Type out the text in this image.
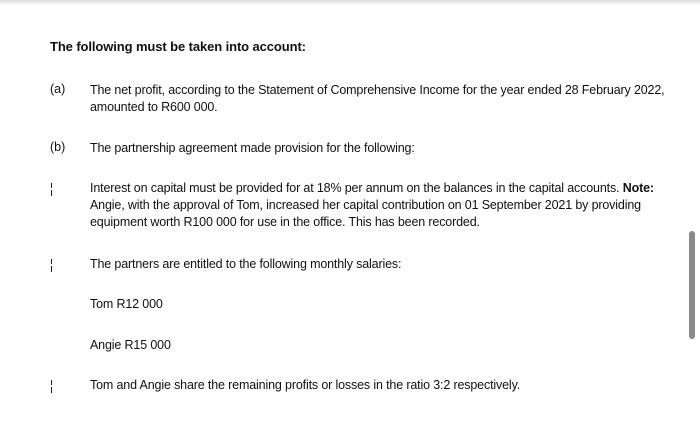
The following must be taken into account:
(a) The net profit, according to the Statement of Comprehensive Income for the year ended 28 February 2022, amounted to R600 000.
(b) The partnership agreement made provision for the following:
Interest on capital must be provided for at 18% per annum on the balances in the capital accounts. Note: Angie, with the approval of Tom, increased her capital contribution on 01 September 2021 by providing equipment worth R100 000 for use in the office. This has been recorded.
The partners are entitled to the following monthly salaries:
Tom R12 000
Angie R15 000
Tom and Angie share the remaining profits or losses in the ratio 3:2 respectively.
